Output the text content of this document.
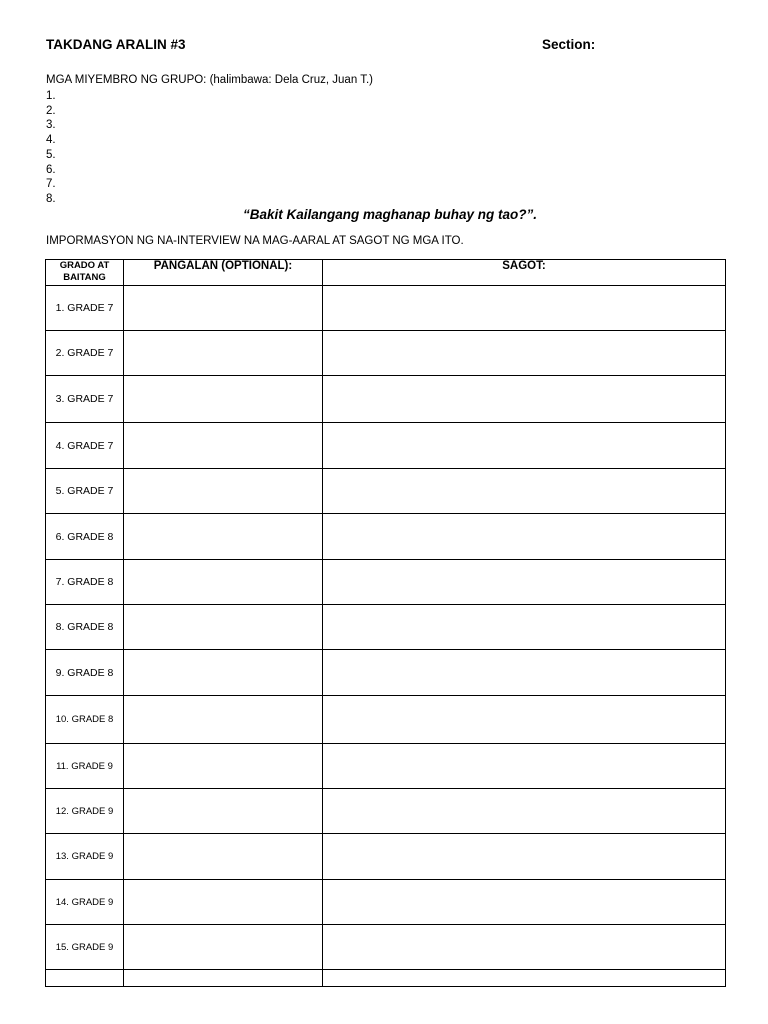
TAKDANG ARALIN #3	Section:
MGA MIYEMBRO NG GRUPO: (halimbawa: Dela Cruz, Juan T.)
1.
2.
3.
4.
5.
6.
7.
8.
“Bakit Kailangang maghanap buhay ng tao?”.
IMPORMASYON NG NA-INTERVIEW NA MAG-AARAL AT SAGOT NG MGA ITO.
GRADO AT BAITANG	PANGALAN (OPTIONAL):	SAGOT:
1. GRADE 7		
2. GRADE 7		
3. GRADE 7		
4. GRADE 7		
5. GRADE 7		
6. GRADE 8		
7. GRADE 8		
8. GRADE 8		
9. GRADE 8		
10. GRADE 8		
11. GRADE 9		
12. GRADE 9		
13. GRADE 9		
14. GRADE 9		
15. GRADE 9		
